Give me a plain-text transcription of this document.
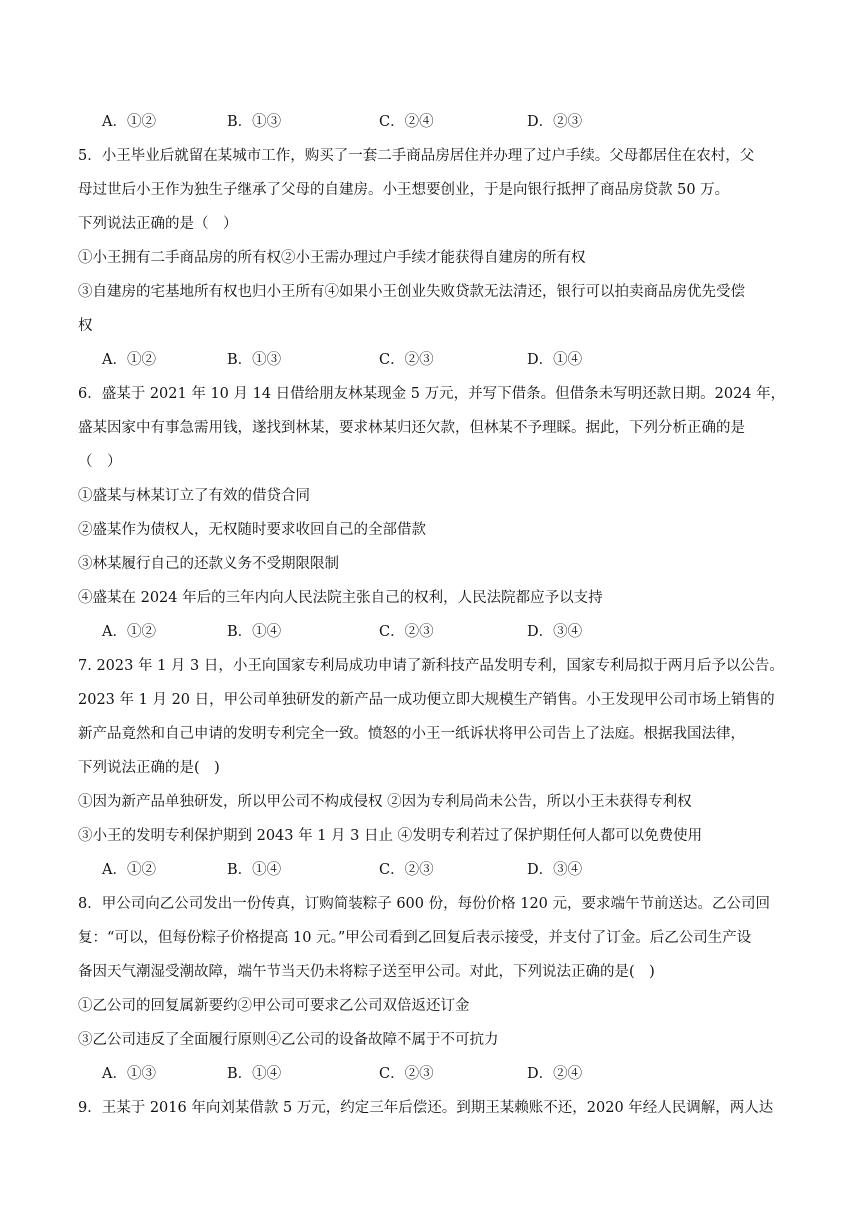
A．①②	B．①③	C．②④	D．②③
5．小王毕业后就留在某城市工作，购买了一套二手商品房居住并办理了过户手续。父母都居住在农村，父
母过世后小王作为独生子继承了父母的自建房。小王想要创业，于是向银行抵押了商品房贷款 50 万。
下列说法正确的是（　）
①小王拥有二手商品房的所有权②小王需办理过户手续才能获得自建房的所有权
③自建房的宅基地所有权也归小王所有④如果小王创业失败贷款无法清还，银行可以拍卖商品房优先受偿
权
A．①②	B．①③	C．②③	D．①④
6．盛某于 2021 年 10 月 14 日借给朋友林某现金 5 万元，并写下借条。但借条未写明还款日期。2024 年，
盛某因家中有事急需用钱，遂找到林某，要求林某归还欠款，但林某不予理睬。据此，下列分析正确的是
（　）
①盛某与林某订立了有效的借贷合同
②盛某作为债权人，无权随时要求收回自己的全部借款
③林某履行自己的还款义务不受期限限制
④盛某在 2024 年后的三年内向人民法院主张自己的权利，人民法院都应予以支持
A．①②	B．①④	C．②③	D．③④
7. 2023 年 1 月 3 日，小王向国家专利局成功申请了新科技产品发明专利，国家专利局拟于两月后予以公告。
2023 年 1 月 20 日，甲公司单独研发的新产品一成功便立即大规模生产销售。小王发现甲公司市场上销售的
新产品竟然和自己申请的发明专利完全一致。愤怒的小王一纸诉状将甲公司告上了法庭。根据我国法律，
下列说法正确的是(　)
①因为新产品单独研发，所以甲公司不构成侵权 ②因为专利局尚未公告，所以小王未获得专利权
③小王的发明专利保护期到 2043 年 1 月 3 日止 ④发明专利若过了保护期任何人都可以免费使用
A．①②	B．①④	C．②③	D．③④
8．甲公司向乙公司发出一份传真，订购简装粽子 600 份，每份价格 120 元，要求端午节前送达。乙公司回
复：“可以，但每份粽子价格提高 10 元。”甲公司看到乙回复后表示接受，并支付了订金。后乙公司生产设
备因天气潮湿受潮故障，端午节当天仍未将粽子送至甲公司。对此，下列说法正确的是(　)
①乙公司的回复属新要约②甲公司可要求乙公司双倍返还订金
③乙公司违反了全面履行原则④乙公司的设备故障不属于不可抗力
A．①③	B．①④	C．②③	D．②④
9．王某于 2016 年向刘某借款 5 万元，约定三年后偿还。到期王某赖账不还，2020 年经人民调解，两人达
